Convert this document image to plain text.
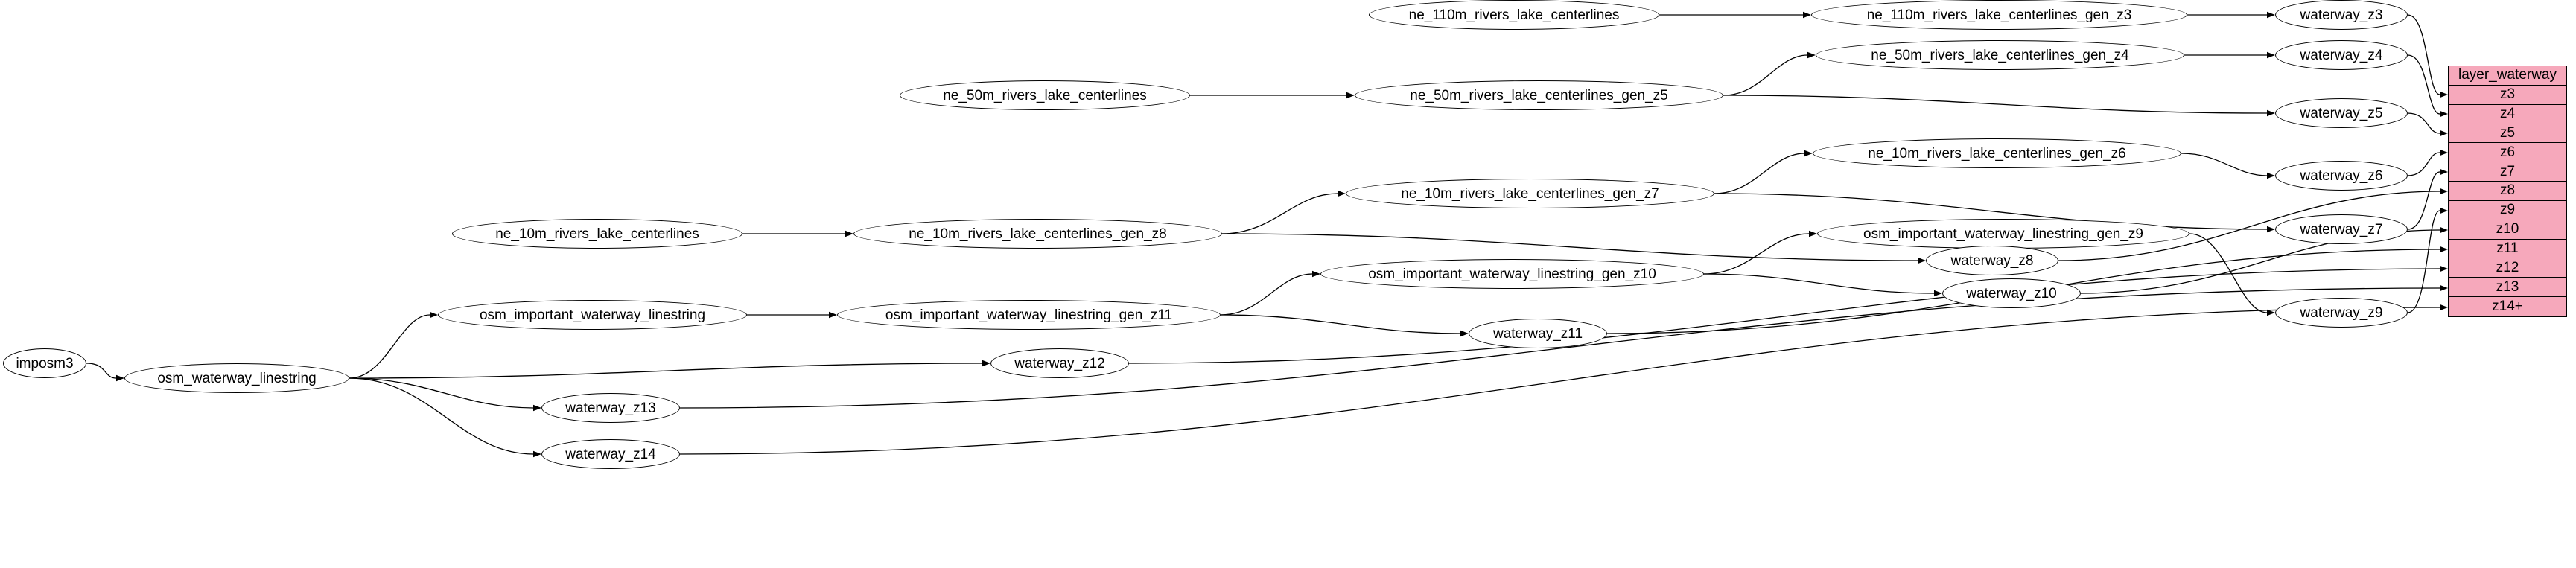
imposm3
osm_waterway_linestring
osm_important_waterway_linestring	osm_important_waterway_linestring_gen_z11
osm_important_waterway_linestring_gen_z10
osm_important_waterway_linestring_gen_z9
ne_110m_rivers_lake_centerlines	ne_110m_rivers_lake_centerlines_gen_z3
ne_50m_rivers_lake_centerlines	ne_50m_rivers_lake_centerlines_gen_z5
ne_50m_rivers_lake_centerlines_gen_z4
ne_10m_rivers_lake_centerlines	ne_10m_rivers_lake_centerlines_gen_z8
ne_10m_rivers_lake_centerlines_gen_z7
ne_10m_rivers_lake_centerlines_gen_z6
waterway_z3
waterway_z4
waterway_z5
waterway_z6
waterway_z7
waterway_z8
waterway_z9
waterway_z10
waterway_z11
waterway_z12
waterway_z13
waterway_z14
layer_waterway
z3
z4
z5
z6
z7
z8
z9
z10
z11
z12
z13
z14+
